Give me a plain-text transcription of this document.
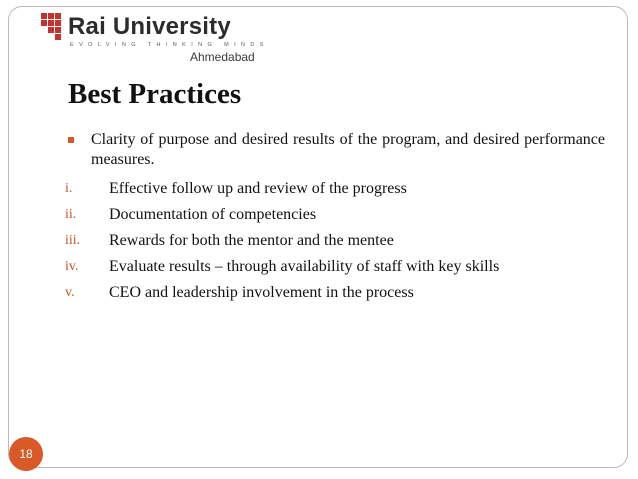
Rai University
EVOLVING THINKING MINDS
Ahmedabad
Best Practices
Clarity of purpose and desired results of the program, and desired performance measures.
i. Effective follow up and review of the progress
ii. Documentation of competencies
iii. Rewards for both the mentor and the mentee
iv. Evaluate results – through availability of staff with key skills
v. CEO and leadership involvement in the process
18
